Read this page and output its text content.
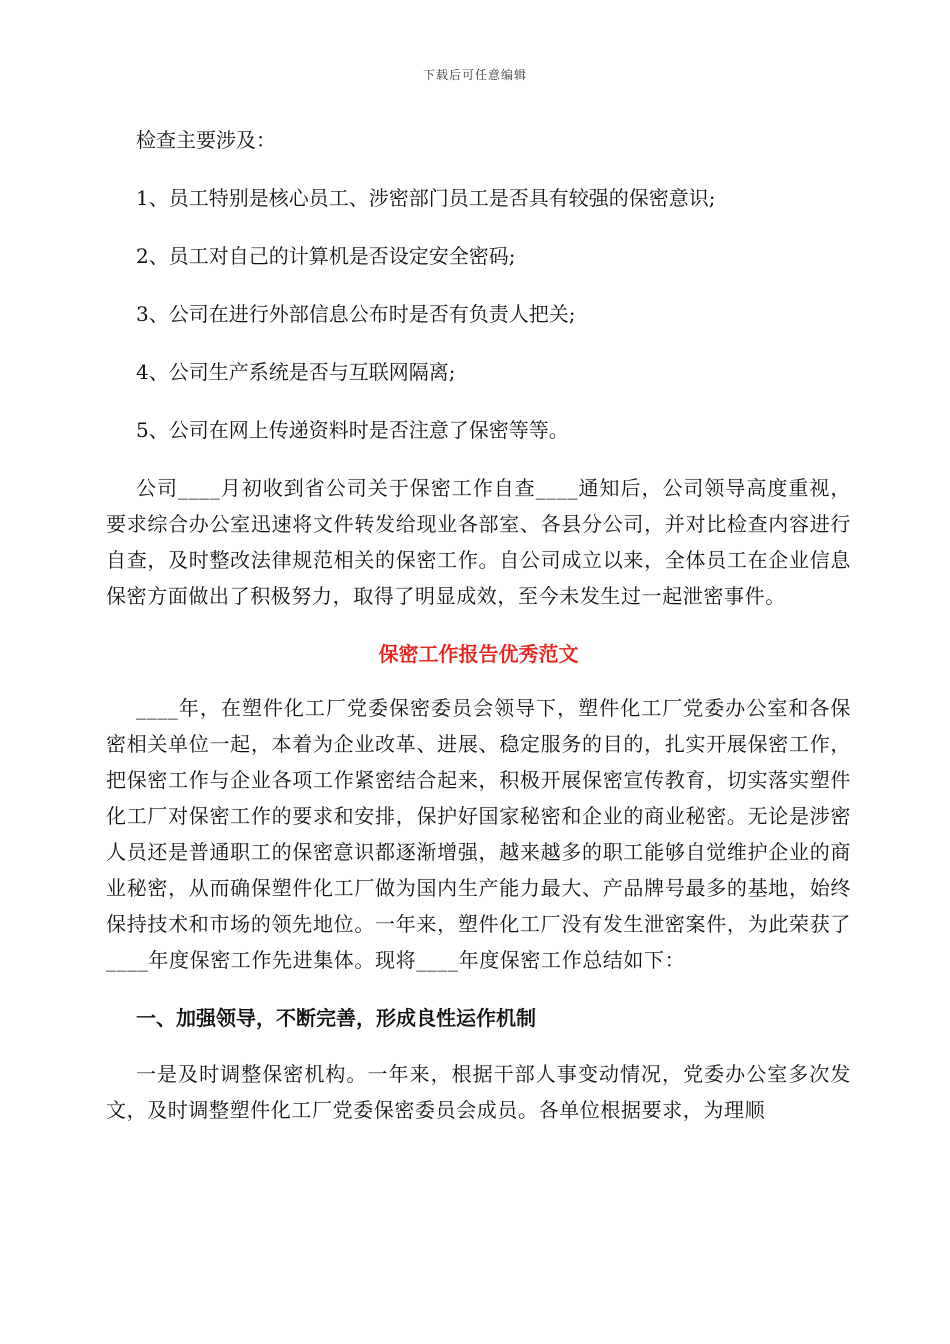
下载后可任意编辑
检查主要涉及：
1、员工特别是核心员工、涉密部门员工是否具有较强的保密意识;
2、员工对自己的计算机是否设定安全密码;
3、公司在进行外部信息公布时是否有负责人把关;
4、公司生产系统是否与互联网隔离;
5、公司在网上传递资料时是否注意了保密等等。
公司____月初收到省公司关于保密工作自查____通知后，公司领导高度重视，要求综合办公室迅速将文件转发给现业各部室、各县分公司，并对比检查内容进行自查，及时整改法律规范相关的保密工作。自公司成立以来，全体员工在企业信息保密方面做出了积极努力，取得了明显成效，至今未发生过一起泄密事件。
保密工作报告优秀范文
____年，在塑件化工厂党委保密委员会领导下，塑件化工厂党委办公室和各保密相关单位一起，本着为企业改革、进展、稳定服务的目的，扎实开展保密工作，把保密工作与企业各项工作紧密结合起来，积极开展保密宣传教育，切实落实塑件化工厂对保密工作的要求和安排，保护好国家秘密和企业的商业秘密。无论是涉密人员还是普通职工的保密意识都逐渐增强，越来越多的职工能够自觉维护企业的商业秘密，从而确保塑件化工厂做为国内生产能力最大、产品牌号最多的基地，始终保持技术和市场的领先地位。一年来，塑件化工厂没有发生泄密案件，为此荣获了____年度保密工作先进集体。现将____年度保密工作总结如下：
一、加强领导，不断完善，形成良性运作机制
一是及时调整保密机构。一年来，根据干部人事变动情况，党委办公室多次发文，及时调整塑件化工厂党委保密委员会成员。各单位根据要求，为理顺
